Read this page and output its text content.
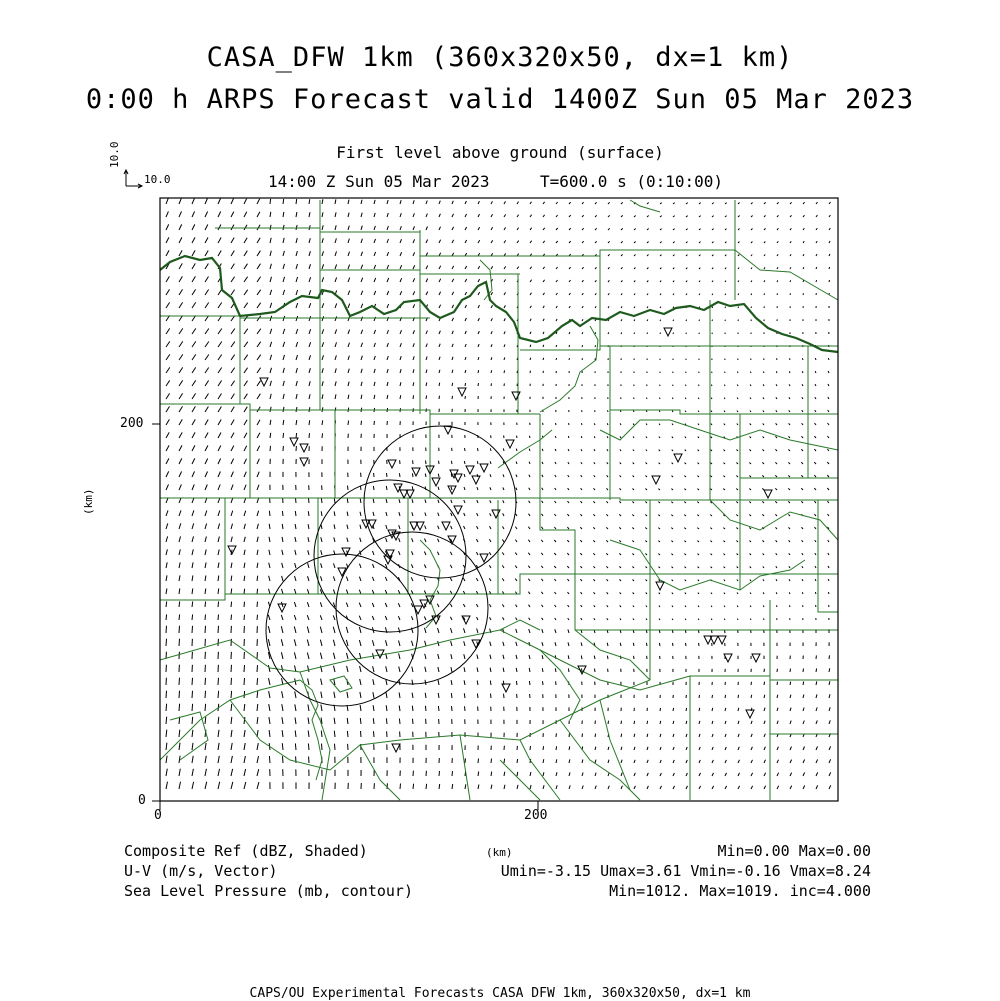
CASA_DFW 1km (360x320x50, dx=1 km)
0:00 h ARPS Forecast valid 1400Z Sun 05 Mar 2023
First level above ground (surface)
14:00 Z Sun 05 Mar 2023	T=600.0 s (0:10:00)
10.0
10.0
0	200
0
200
(km)
(km)
Composite Ref (dBZ, Shaded)	Min=0.00 Max=0.00
U-V (m/s, Vector)	Umin=-3.15 Umax=3.61 Vmin=-0.16 Vmax=8.24
Sea Level Pressure (mb, contour)	Min=1012. Max=1019. inc=4.000
CAPS/OU Experimental Forecasts CASA DFW 1km, 360x320x50, dx=1 km
